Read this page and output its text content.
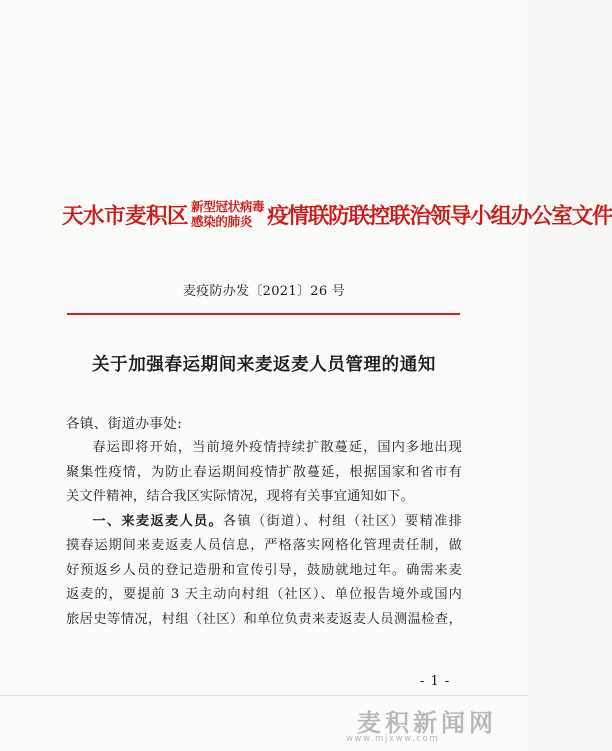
天水市麦积区 新型冠状病毒
感染的肺炎 疫情联防联控联治领导小组办公室文件
麦疫防办发〔2021〕26 号
关于加强春运期间来麦返麦人员管理的通知
各镇、街道办事处:

春运即将开始，当前境外疫情持续扩散蔓延，国内多地出现

聚集性疫情，为防止春运期间疫情扩散蔓延，根据国家和省市有

关文件精神，结合我区实际情况，现将有关事宜通知如下。

一、来麦返麦人员。各镇（街道）、村组（社区）要精准排

摸春运期间来麦返麦人员信息，严格落实网格化管理责任制，做

好预返乡人员的登记造册和宣传引导，鼓励就地过年。确需来麦

返麦的，要提前 3 天主动向村组（社区）、单位报告境外或国内

旅居史等情况，村组（社区）和单位负责来麦返麦人员测温检查，

- 1 -
麦积新闻网
www.mjxww.com
